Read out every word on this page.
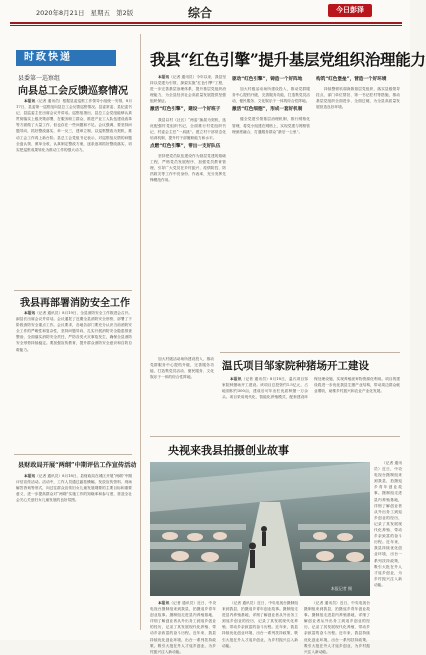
2020年8月21日 星期五 第2版	综合	今日彭泽
时政快递
县委第一巡察组
向县总工会反馈巡察情况

本报讯（记者 通讯员）根据县委巡察工作领导小组统一安排，8月17日，县委第一巡察组向县总工会反馈巡察情况。县委常委、县纪委书记、县监委主任出席会议并讲话。巡察组指出，县总工会党组能够认真贯彻落实上级决策部署，在服务职工群众、推进产业工人队伍建设改革等方面做了大量工作，但也存在一些问题和不足。会议强调，要坚持问题导向，抓好整改落实，举一反三，建章立制，以巡察整改为契机，推动工会工作再上新台阶。县总工会党组书记表示，对巡察组反馈的问题全盘认领、照单全收，认真制定整改方案，逐条逐项抓好整改落实，切实把巡察成果转化为推动工作的强大动力。

我县再部署消防安全工作

本报讯（记者 通讯员）8月19日，全县消防安全工作推进会召开。副县长出席会议并讲话。会议通报了近期全县消防安全形势，部署了下阶段消防安全重点工作。会议要求，各地各部门要充分认识当前消防安全工作的严峻性和复杂性，坚持问题导向，扎实开展消防安全隐患排查整治，全面落实消防安全责任，严防各类火灾事故发生，确保全县消防安全形势持续稳定。要加强宣传教育，提升群众消防安全意识和自防自救能力。

县财政局开展“两纲”中期评估工作宣传活动

本报讯（记者 通讯员）8月18日，县财政局在城区开展“两纲”中期评估宣传活动。活动中，工作人员通过悬挂横幅、发放宣传资料、现场解答咨询等形式，向过往群众宣传妇女儿童发展纲要的主要目标和重要意义，进一步提高群众对“两纲”实施工作的知晓率和参与度，营造全社会关心关爱妇女儿童发展的良好氛围。

我县“红色引擎”提升基层党组织治理能力

本报讯（记者 通讯员）今年以来，我县坚持以党建为引领，探索实施“红色引擎”工程，进一步完善基层治理体系，提升基层党组织治理能力，为全县经济社会高质量发展提供坚强组织保证。

激活“红色引擎”，建设一个好班子

我县以村（社区）“两委”换届为契机，选优配强村党组织书记，全面推行村党组织书记、村委会主任“一肩挑”。建立村干部常态化培训机制，提升村干部履职能力和水平。

点燃“红色引擎”，带出一支好队伍

坚持把党员队伍建设作为基层党建的基础工程，严格党员发展程序，加强党员教育管理，引导广大党员在乡村振兴、疫情防控、防汛救灾等工作中亮身份、作表率，充分发挥先锋模范作用。

驱动“红色引擎”，铸造一个好阵地

加大村级活动场所建设投入，推动党群服务中心提档升级，完善服务功能，打造集党员活动、便民服务、文化娱乐于一体的综合性阵地。

激活“红色细胞”，形成一套好机制

健全党建引领基层治理机制，推行网格化管理，将党小组建在网格上，实现党建与网格管理深度融合，打通服务群众“最后一公里”。

构筑“红色堡垒”，营造一个好环境

持续整顿软弱涣散基层党组织，落实县级领导挂点、部门单位帮扶、第一书记驻村等措施，推动基层党组织全面进步、全面过硬，为全县高质量发展营造良好环境。

温氏项目邹家院种猪场开工建设

本报讯（记者 通讯员）8月18日，温氏项目邹家院种猪场开工建设。该项目总投资约1.5亿元，占地面积约300亩，建成后可年出栏优质种猪一万余头。项目采用现代化、智能化养殖模式，配套建设环保处理设施，实现养殖废弃物资源化利用。项目的建设将进一步优化我县生猪产业结构，带动周边群众就业增收，助推乡村振兴和农业产业化发展。

加大村级活动场所建设投入，推动党群服务中心提档升级，完善服务功能，打造集党员活动、便民服务、文化娱乐于一体的综合性阵地。

央视来我县拍摄创业故事
本报记者 摄

本报讯（记者 通讯员）近日，中央电视台摄制组来到我县，拍摄返乡青年创业故事。摄制组走进县内养殖基地，详细了解创业者从外出务工到返乡创业的经历，记录了其发展现代化养殖、带动乡亲致富的奋斗历程。近年来，我县持续优化创业环境，出台一系列扶持政策，吸引大批在外人才返乡创业，为乡村振兴注入新动能。

（记者 通讯员）近日，中央电视台摄制组来到我县，拍摄返乡青年创业故事。摄制组走进县内养殖基地，详细了解创业者从外出务工到返乡创业的经历，记录了其发展现代化养殖、带动乡亲致富的奋斗历程。近年来，我县持续优化创业环境，出台一系列扶持政策，吸引大批在外人才返乡创业，为乡村振兴注入新动能。

（记者 通讯员）近日，中央电视台摄制组来到我县，拍摄返乡青年创业故事。摄制组走进县内养殖基地，详细了解创业者从外出务工到返乡创业的经历，记录了其发展现代化养殖、带动乡亲致富的奋斗历程。近年来，我县持续优化创业环境，出台一系列扶持政策，吸引大批在外人才返乡创业，为乡村振兴注入新动能。

（记者 通讯员）近日，中央电视台摄制组来到我县，拍摄返乡青年创业故事。摄制组走进县内养殖基地，详细了解创业者从外出务工到返乡创业的经历，记录了其发展现代化养殖、带动乡亲致富的奋斗历程。近年来，我县持续优化创业环境，出台一系列扶持政策，吸引大批在外人才返乡创业，为乡村振兴注入新动能。
